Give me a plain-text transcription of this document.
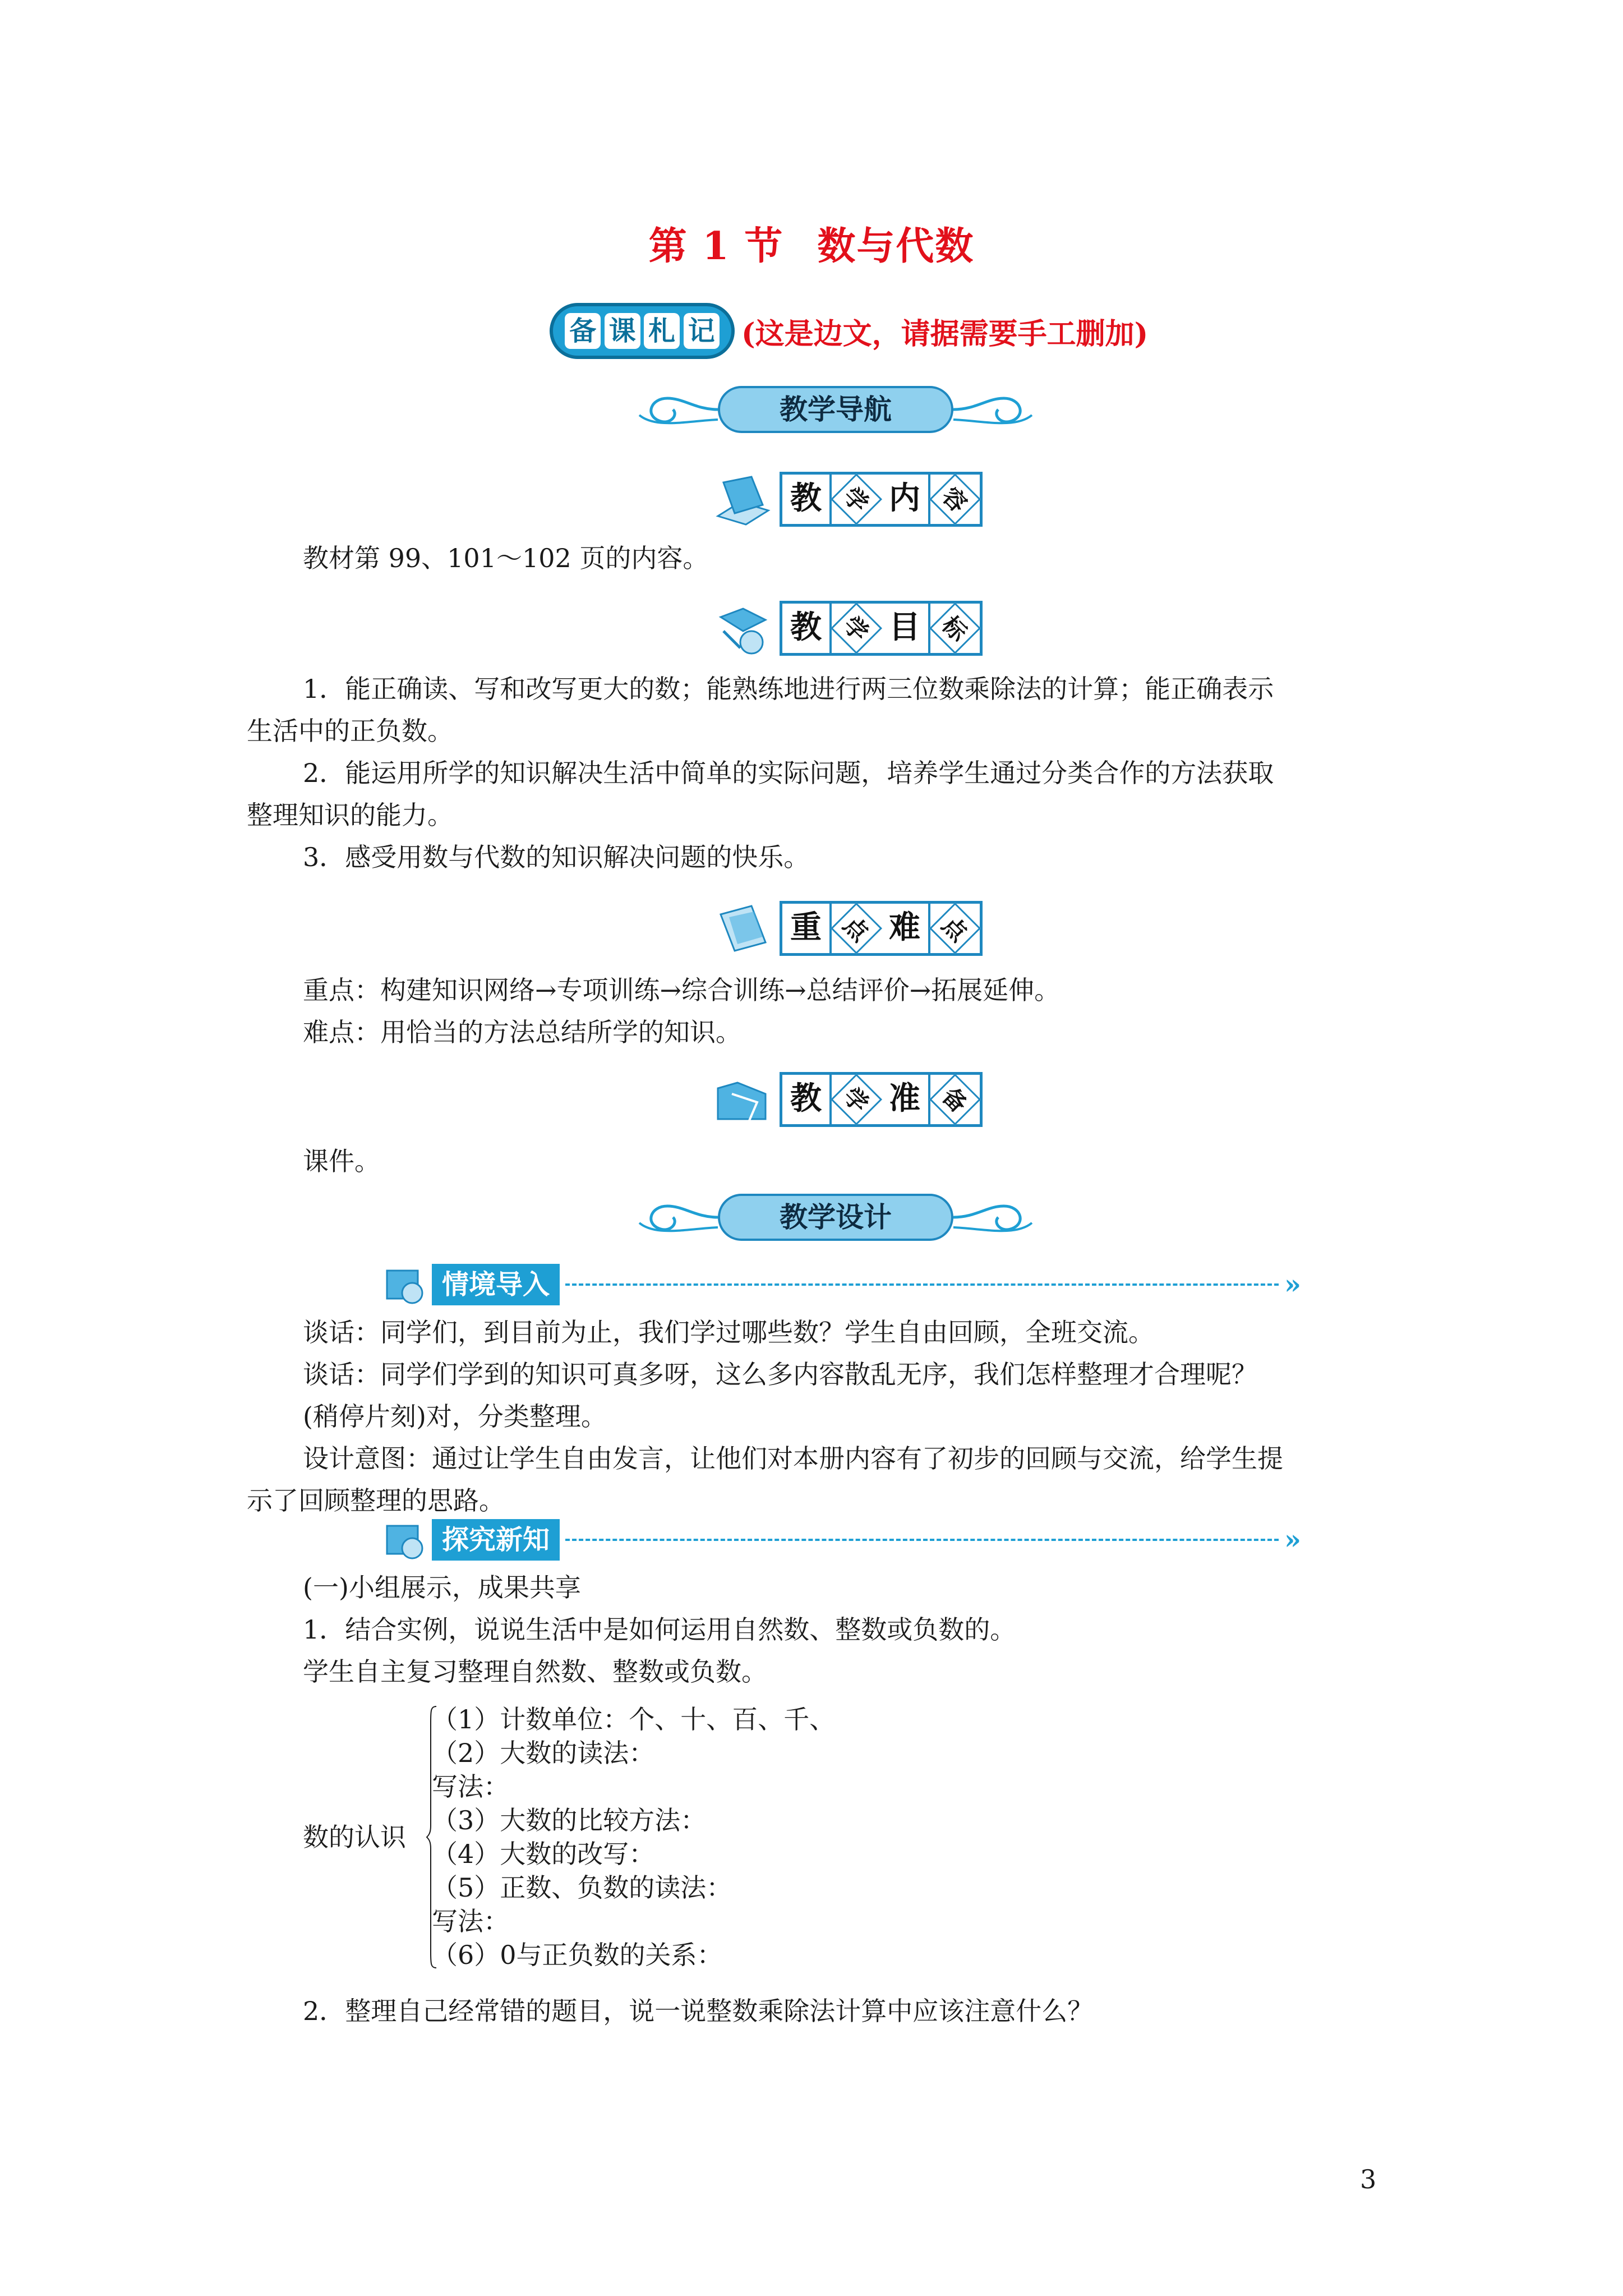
第 1 节 数与代数
备 课 札 记 (这是边文，请据需要手工删加)
教学导航
教 学 内 容

教材第 99、101～102 页的内容。

教 学 目 标

1．能正确读、写和改写更大的数；能熟练地进行两三位数乘除法的计算；能正确表示

生活中的正负数。

2．能运用所学的知识解决生活中简单的实际问题，培养学生通过分类合作的方法获取

整理知识的能力。

3．感受用数与代数的知识解决问题的快乐。

重 点 难 点

重点：构建知识网络→专项训练→综合训练→总结评价→拓展延伸。

难点：用恰当的方法总结所学的知识。

教 学 准 备

课件。

教学设计
情境导入	»

谈话：同学们，到目前为止，我们学过哪些数？学生自由回顾，全班交流。

谈话：同学们学到的知识可真多呀，这么多内容散乱无序，我们怎样整理才合理呢？

(稍停片刻)对，分类整理。

设计意图：通过让学生自由发言，让他们对本册内容有了初步的回顾与交流，给学生提

示了回顾整理的思路。

探究新知	»

(一)小组展示，成果共享

1．结合实例，说说生活中是如何运用自然数、整数或负数的。

学生自主复习整理自然数、整数或负数。

数的认识

（1）计数单位：个、十、百、千、

（2）大数的读法：

写法：

（3）大数的比较方法：

（4）大数的改写：

（5）正数、负数的读法：

写法：

（6）0与正负数的关系：

2．整理自己经常错的题目，说一说整数乘除法计算中应该注意什么？

3
